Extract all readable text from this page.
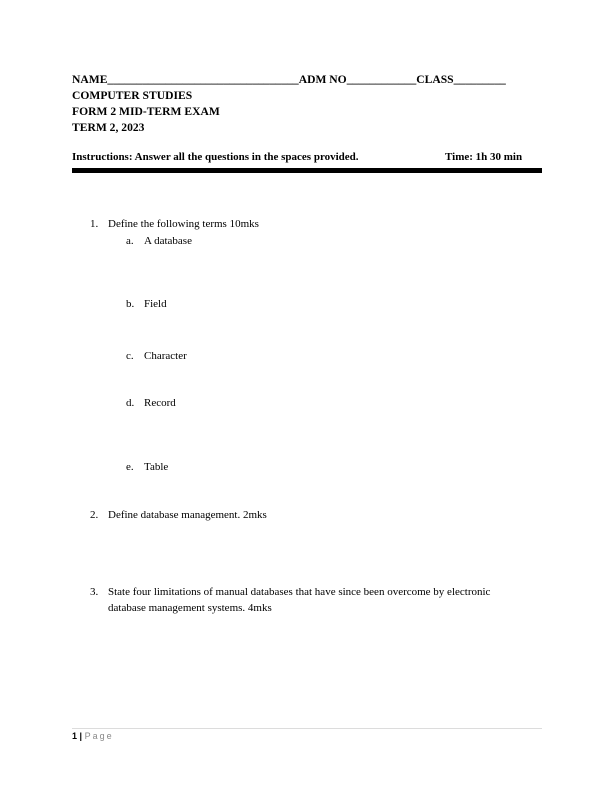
NAME_________________________________ADM NO____________CLASS_________
COMPUTER STUDIES
FORM 2 MID-TERM EXAM
TERM 2, 2023
Instructions: Answer all the questions in the spaces provided.	Time: 1h 30 min
1. Define the following terms 10mks
a. A database
b. Field
c. Character
d. Record
e. Table
2. Define database management. 2mks
3. State four limitations of manual databases that have since been overcome by electronic database management systems. 4mks
1 | Page
